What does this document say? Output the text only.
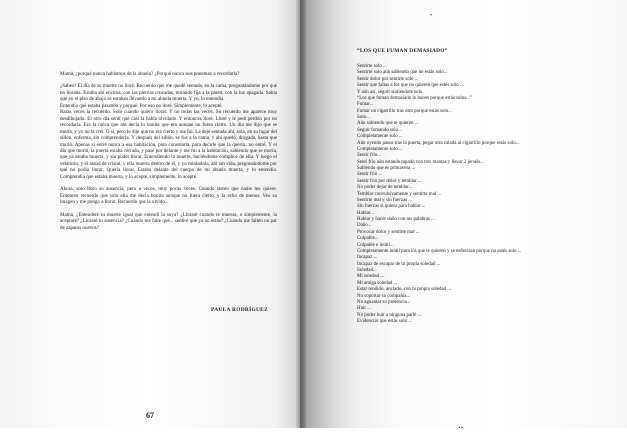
Mamá, ¿porqué nunca hablamos de la abuela? ¿Porqué nunca nos ponemos a recordarla?

¿Sabes? El día de su muerte no lloré. Recuerdo que me quedé sentada, en la cama, preguntándome por qué no lloraba. Estaba ahí encima, con las piernas cruzadas, mirando fija a la pared, con la luz apagada. Sabía que en el piso de abajo se estaban llevando a mi abuela muerta. Y yo, lo entendía.

Entendía qué estaba pasando y porqué. Por eso no lloré. Simplemente, lo acepté.

Raras veces la recuerdo. Solo cuando quiero llorar. Y no todas las veces. Su recuerdo me aparece muy desdibujado. El otro día sentí que casi la había olvidado. Y entonces lloré. Lloré y le pedí perdón por no recordarla. Era la única que me decía lo bonita que era aunque no fuera cierto. Un día me dijo que se moría, y yo no la creí. O sí, pero le dije que no era cierto y me fui. La dejé sentada ahí, sola, en su lugar del sillón, enferma, sin comprenderla. Y después del sillón, se fue a la cama, y ahí quedó, drogada, hasta que murió. Apenas si entré nunca a esa habitación, para consolarla, para decirle que la quería...no entré. Y el día que murió, la puerta estaba cerrada, y pasé por delante y me fui a la habitación, sabiendo que se moría, que ya estaba muerta, y sin poder llorar. Entendiendo la muerte, haciéndome cómplice de ella. Y luego el velatorio, y el ataúd de cristal, y ella muerta dentro de él, y yo mirándola, ahí sin vida, preguntándome por qué no podía llorar. Quería llorar. Estaba delante del cuerpo de mi abuela muerta, y lo entendía. Comprendía que estaba muerta, y lo acepté, simplemente, lo acepté.

Ahora, solo lloro su ausencia, pero a veces, muy pocas veces. Cuando siento que nadie me quiere. Entonces recuerdo que solo ella me decía bonita aunque no fuera cierto, y la echo de menos. Veo su imagen y me pongo a llorar. Recuerdo que la olvido...

Mamá, ¿Entenderé tu muerte igual que entendí la suya? ¿Lloraré cuando te mueras, o simplemente, la aceptaré? ¿Lloraré tu ausencia? ¿Cuándo me falte qué... sentiré que ya no estás? ¿Cuándo me falten un par de zapatos nuevos?

PAULA RODRÍGUEZ
67
•
“LOS QUE FUMAN DEMASIADO”
Sentirte solo ...
Sentirte solo aún sabiendo que no estás solo...
Sentir dolor por sentirte solo ...
Sentir que faltas a los que no quieren que estés solo ...
Y aún así, seguir sintiéndote solo.
“Los que fuman demasiado lo hacen porque estás solos...”
Fumar...
Fumar un cigarrillo tras otro porque estás solo...
Solo...
Aún sabiendo que te quieren ...
Seguir fumando solo...
Completamente solo ...
Aún oyendo pasos tras la puerta, pegar otra calada al cigarrillo porque estás solo...
Completamente solo ...
Sentir frío...
Sentí frío aún estando tapado con tres mantas y llevar 2 jerséis...
Sabiendo que es primavera ...
Sentir frío ...
Sentir frío por dolor y temblar ...
No poder dejar de temblar...
Temblar convulsivamente y sentirte mal ...
Sentirte mal y sin fuerzas ...
Sin fuerzas si quiera para hablar ...
Hablar...
Hablar y hacer daño con tus palabras ...
Daño...
Provocar dolor y sentirte mal ...
Culpable...
Culpable e inútil...
Completamente inútil para los que te quieren y se esfuerzan porque no estés solo ...
Incapaz ...
Incapaz de escapar de tu propia soledad ...
Soledad...
Mi soledad ...
Mi amiga soledad ...
Estar rendido, anclado, con tu propia soledad ...
No soportar su compañía...
No aguantar su presencia...
Huir ...
No poder huir a ninguna parte ...
Evidenciar que estás solo ...
··
